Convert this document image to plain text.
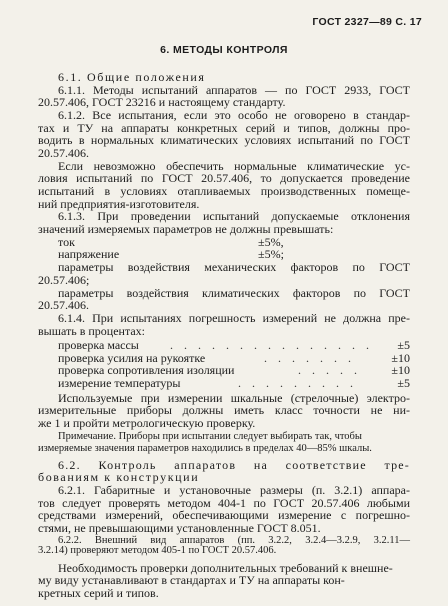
ГОСТ 2327—89 С. 17
6. МЕТОДЫ КОНТРОЛЯ
6.1. Общие положения
6.1.1. Методы испытаний аппаратов — по ГОСТ 2933, ГОСТ
20.57.406, ГОСТ 23216 и настоящему стандарту.
6.1.2. Все испытания, если это особо не оговорено в стандар-
тах и ТУ на аппараты конкретных серий и типов, должны про-
водить в нормальных климатических условиях испытаний по ГОСТ
20.57.406.
Если невозможно обеспечить нормальные климатические ус-
ловия испытаний по ГОСТ 20.57.406, то допускается проведение
испытаний в условиях отапливаемых производственных помеще-
ний предприятия-изготовителя.
6.1.3. При проведении испытаний допускаемые отклонения
значений измеряемых параметров не должны превышать:
ток	±5%,
напряжение	±5%;
параметры воздействия механических факторов по ГОСТ
20.57.406;
параметры воздействия климатических факторов по ГОСТ
20.57.406.
6.1.4. При испытаниях погрешность измерений не должна пре-
вышать в процентах:
проверка массы	. . . . . . . . . . . . . . . ±5
проверка усилия на рукоятке	. . . . . . .	±10
проверка сопротивления изоляции	. . . . .	±10
измерение температуры	. . . . . . . . .	±5
Используемые при измерении шкальные (стрелочные) электро-
измерительные приборы должны иметь класс точности не ни-
же 1 и пройти метрологическую проверку.
Примечание. Приборы при испытании следует выбирать так, чтобы
измеряемые значения параметров находились в пределах 40—85% шкалы.
6.2. Контроль аппаратов на соответствие тре-
бованиям к конструкции
6.2.1. Габаритные и установочные размеры (п. 3.2.1) аппара-
тов следует проверять методом 404-1 по ГОСТ 20.57.406 любыми
средствами измерений, обеспечивающими измерение с погрешно-
стями, не превышающими установленные ГОСТ 8.051.
6.2.2. Внешний вид аппаратов (пп. 3.2.2, 3.2.4—3.2.9, 3.2.11—
3.2.14) проверяют методом 405-1 по ГОСТ 20.57.406.
Необходимость проверки дополнительных требований к внешне-
му виду устанавливают в стандартах и ТУ на аппараты кон-
кретных серий и типов.
